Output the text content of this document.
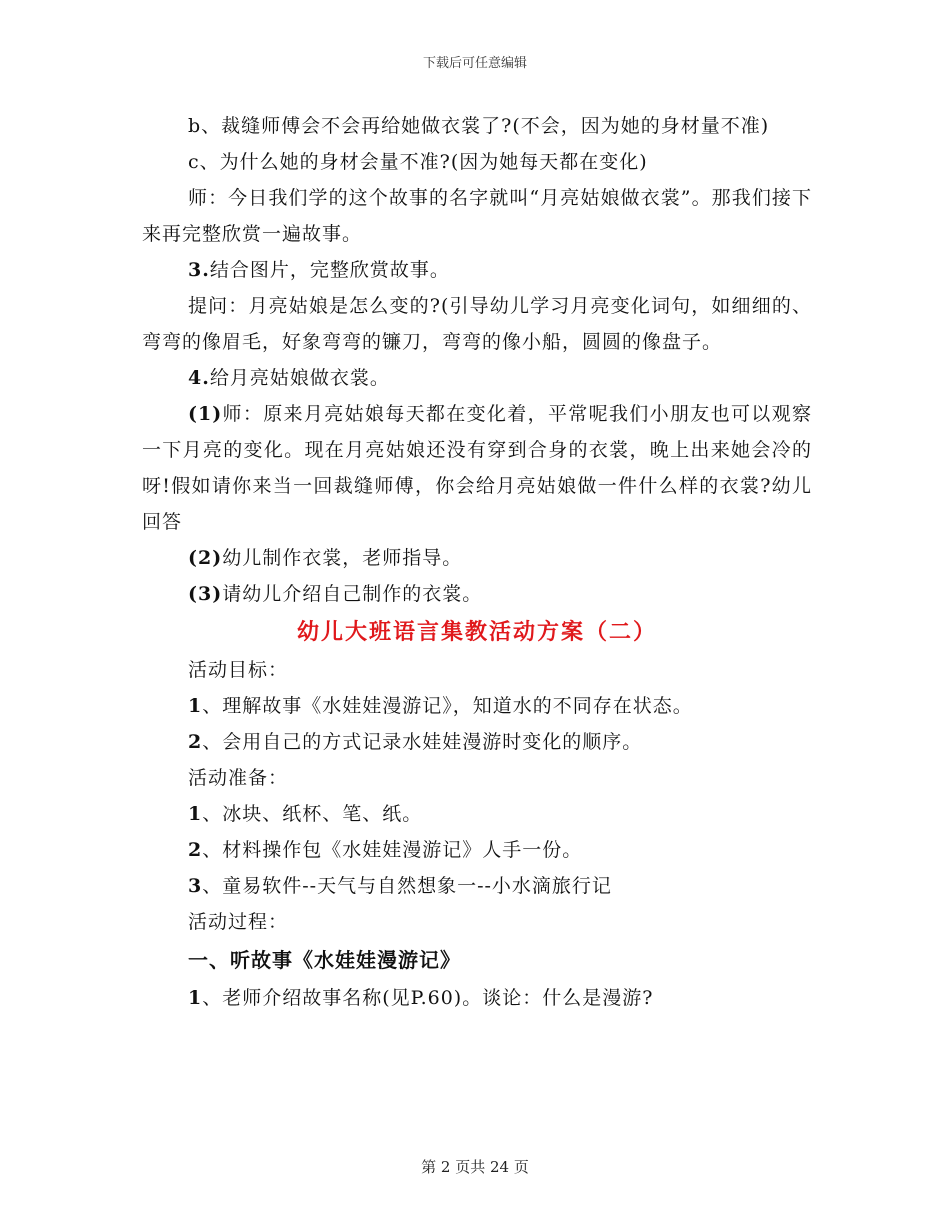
下载后可任意编辑

b、裁缝师傅会不会再给她做衣裳了?(不会，因为她的身材量不准)

c、为什么她的身材会量不准?(因为她每天都在变化)

师：今日我们学的这个故事的名字就叫“月亮姑娘做衣裳”。那我们接下来再完整欣赏一遍故事。

3.结合图片，完整欣赏故事。

提问：月亮姑娘是怎么变的?(引导幼儿学习月亮变化词句，如细细的、弯弯的像眉毛，好象弯弯的镰刀，弯弯的像小船，圆圆的像盘子。

4.给月亮姑娘做衣裳。

(1)师：原来月亮姑娘每天都在变化着，平常呢我们小朋友也可以观察一下月亮的变化。现在月亮姑娘还没有穿到合身的衣裳，晚上出来她会冷的呀!假如请你来当一回裁缝师傅，你会给月亮姑娘做一件什么样的衣裳?幼儿回答

(2)幼儿制作衣裳，老师指导。

(3)请幼儿介绍自己制作的衣裳。

幼儿大班语言集教活动方案（二）

活动目标：

1、理解故事《水娃娃漫游记》，知道水的不同存在状态。

2、会用自己的方式记录水娃娃漫游时变化的顺序。

活动准备：

1、冰块、纸杯、笔、纸。

2、材料操作包《水娃娃漫游记》人手一份。

3、童易软件--天气与自然想象一--小水滴旅行记

活动过程：

一、听故事《水娃娃漫游记》

1、老师介绍故事名称(见P.60)。谈论：什么是漫游?

第 2 页共 24 页
